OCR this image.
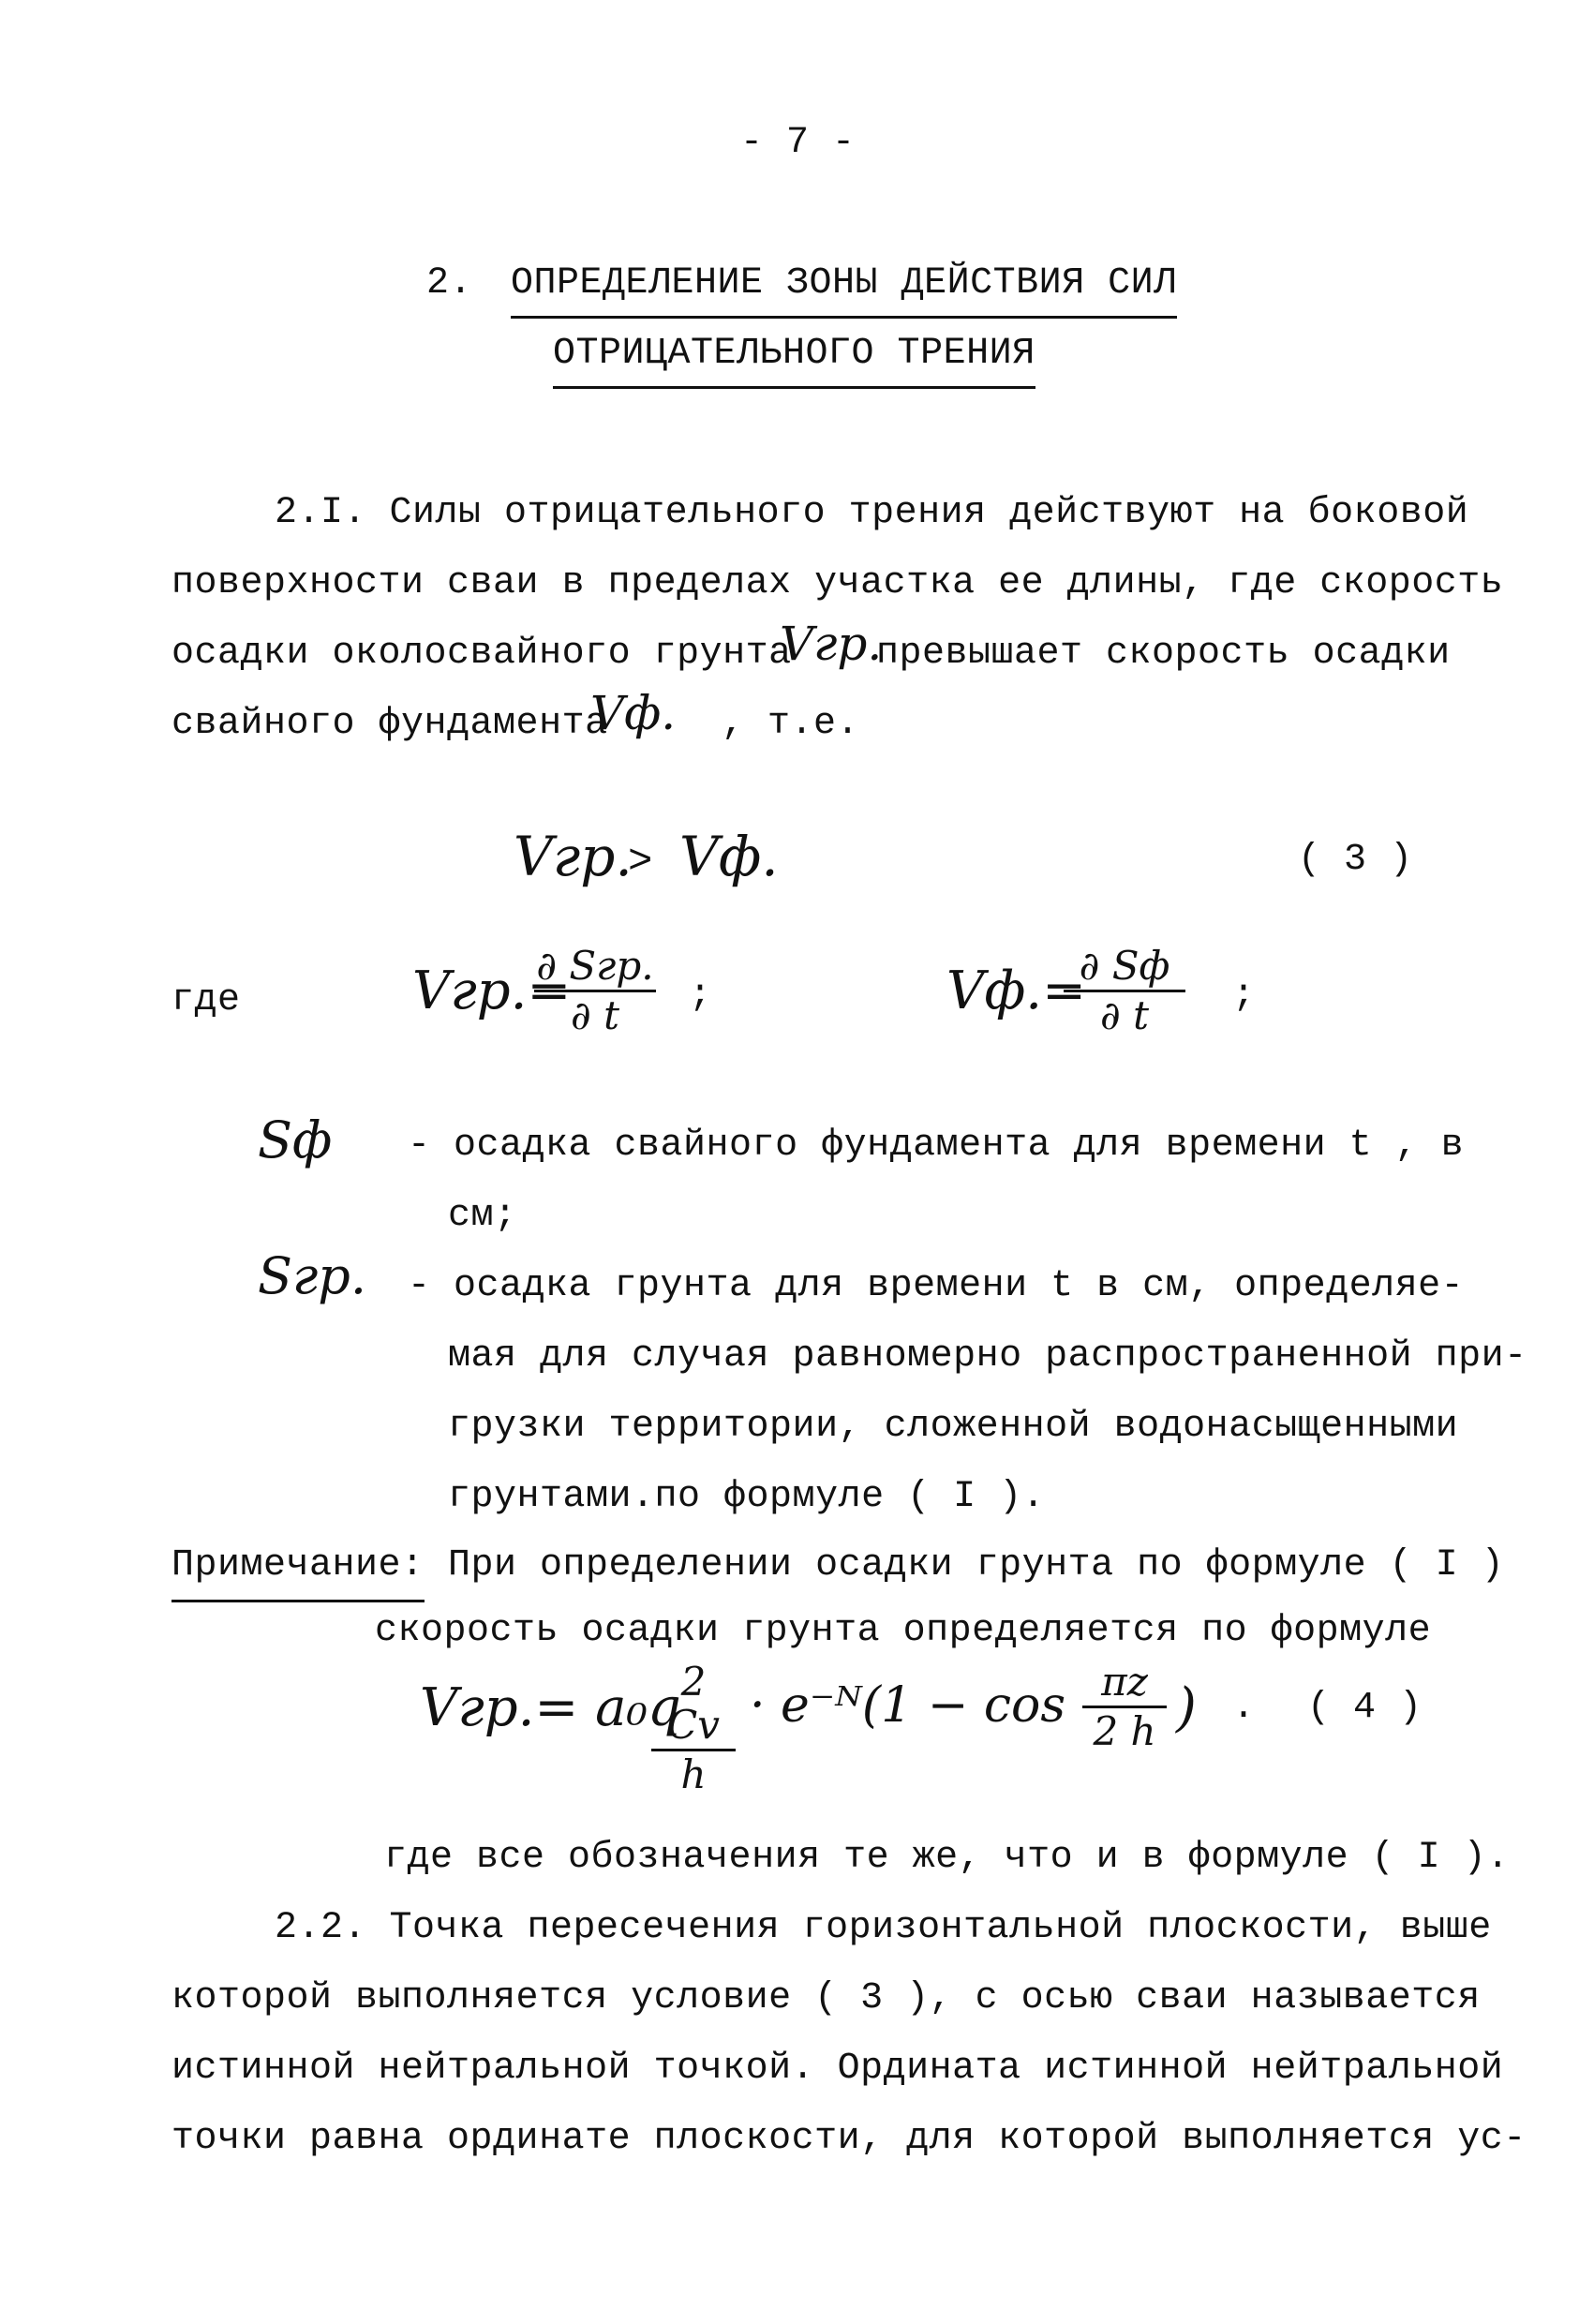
- 7 -
2. ОПРЕДЕЛЕНИЕ ЗОНЫ ДЕЙСТВИЯ СИЛ
ОТРИЦАТЕЛЬНОГО ТРЕНИЯ
2.I. Силы отрицательного трения действуют на боковой
поверхности сваи в пределах участка ее длины, где скорость
осадки околосвайного грунта
Vгр.
превышает скорость осадки
свайного фундамента
Vф. , т.е.
Vгр.
> Vф.	( 3 )
где	Vгр.=
∂ Sгр.
∂ t	;	Vф.=
∂ Sф
∂ t	;
Sф - осадка свайного фундамента для времени t , в
см;
Sгр. - осадка грунта для времени t в см, определяе-
мая для случая равномерно распространенной при-
грузки территории, сложенной водонасыщенными
грунтами.по формуле ( I ).
Примечание: При определении осадки грунта по формуле ( I )
скорость осадки грунта определяется по формуле
Vгр.= a₀q 2 Cv
h
· e⁻ᴺ(1 − cos πz
2 h ) . ( 4 )
где все обозначения те же, что и в формуле ( I ).
2.2. Точка пересечения горизонтальной плоскости, выше
которой выполняется условие ( 3 ), с осью сваи называется
истинной нейтральной точкой. Ордината истинной нейтральной
точки равна ординате плоскости, для которой выполняется ус-
